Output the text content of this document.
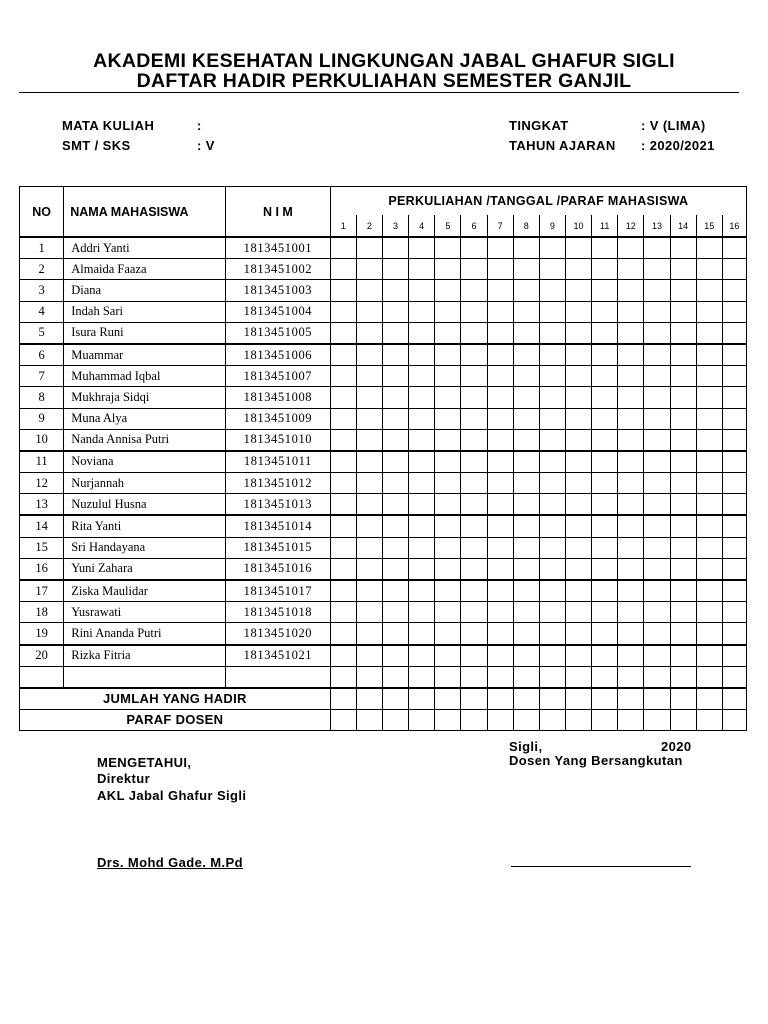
AKADEMI KESEHATAN LINGKUNGAN JABAL GHAFUR SIGLI
DAFTAR HADIR PERKULIAHAN SEMESTER GANJIL
MATA KULIAH	:
SMT / SKS	: V
TINGKAT	: V (LIMA)
TAHUN AJARAN : 2020/2021
NO	NAMA MAHASISWA	N I M	PERKULIAHAN /TANGGAL /PARAF MAHASISWA															
			1	2	3	4	5	6	7	8	9	10	11	12	13	14	15	16
1	Addri Yanti	1813451001																
2	Almaida Faaza	1813451002																
3	Diana	1813451003																
4	Indah Sari	1813451004																
5	Isura Runi	1813451005																
6	Muammar	1813451006																
7	Muhammad Iqbal	1813451007																
8	Mukhraja Sidqi	1813451008																
9	Muna Alya	1813451009																
10	Nanda Annisa Putri	1813451010																
11	Noviana	1813451011																
12	Nurjannah	1813451012																
13	Nuzulul Husna	1813451013																
14	Rita Yanti	1813451014																
15	Sri Handayana	1813451015																
16	Yuni Zahara	1813451016																
17	Ziska Maulidar	1813451017																
18	Yusrawati	1813451018																
19	Rini Ananda Putri	1813451020																
20	Rizka Fitria	1813451021																

JUMLAH YANG HADIR																		
PARAF DOSEN																		
Sigli,	2020
Dosen Yang Bersangkutan
MENGETAHUI,
Direktur
AKL Jabal Ghafur Sigli
Drs. Mohd Gade. M.Pd
